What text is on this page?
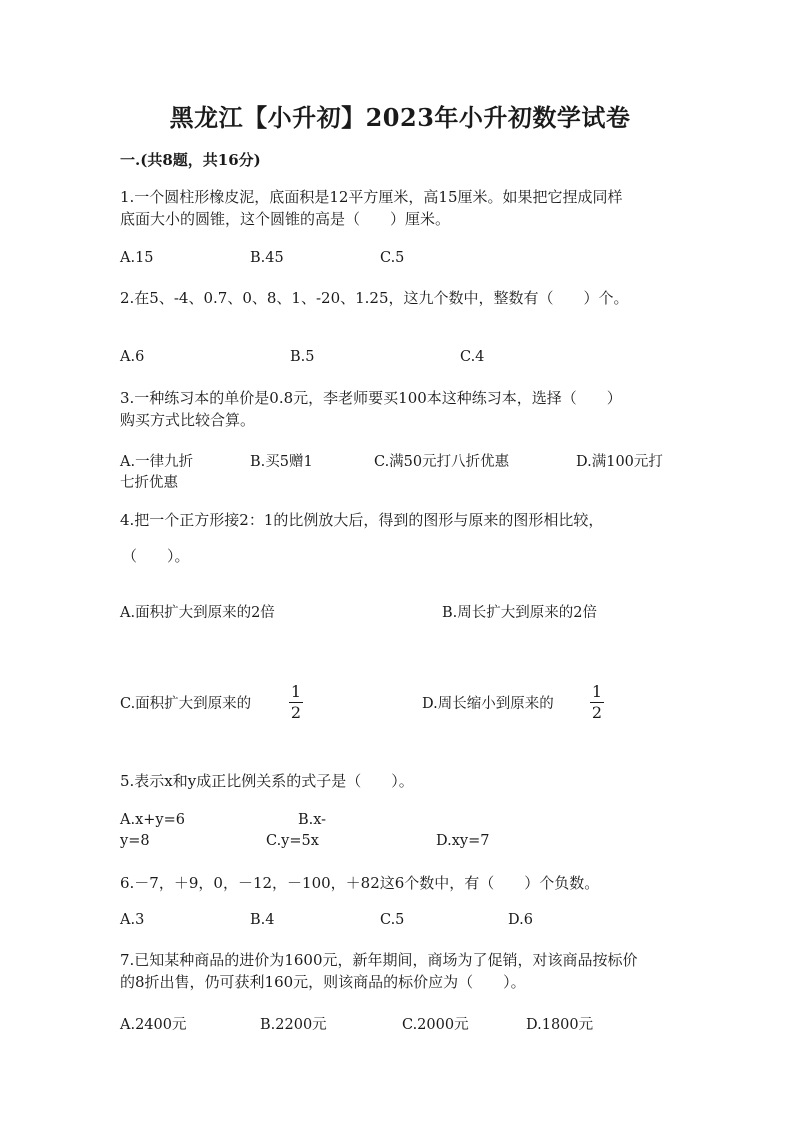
黑龙江【小升初】2023年小升初数学试卷
一.(共8题，共16分)
1.一个圆柱形橡皮泥，底面积是12平方厘米，高15厘米。如果把它捏成同样
底面大小的圆锥，这个圆锥的高是（　　）厘米。
A.15	B.45	C.5
2.在5、-4、0.7、0、8、1、-20、1.25，这九个数中，整数有（　　）个。
A.6	B.5	C.4
3.一种练习本的单价是0.8元，李老师要买100本这种练习本，选择（　　）
购买方式比较合算。
A.一律九折	B.买5赠1	C.满50元打八折优惠	D.满100元打
七折优惠
4.把一个正方形接2：1的比例放大后，得到的图形与原来的图形相比较，
（　　）。
A.面积扩大到原来的2倍	B.周长扩大到原来的2倍
C.面积扩大到原来的
1
2	D.周长缩小到原来的
1
2
5.表示x和y成正比例关系的式子是（　　）。
A.x+y=6	B.x-
y=8	C.y=5x	D.xy=7
6.－7，＋9，0，－12，－100，＋82这6个数中，有（　　）个负数。
A.3	B.4	C.5	D.6
7.已知某种商品的进价为1600元，新年期间，商场为了促销，对该商品按标价
的8折出售，仍可获利160元，则该商品的标价应为（　　）。
A.2400元	B.2200元	C.2000元	D.1800元
